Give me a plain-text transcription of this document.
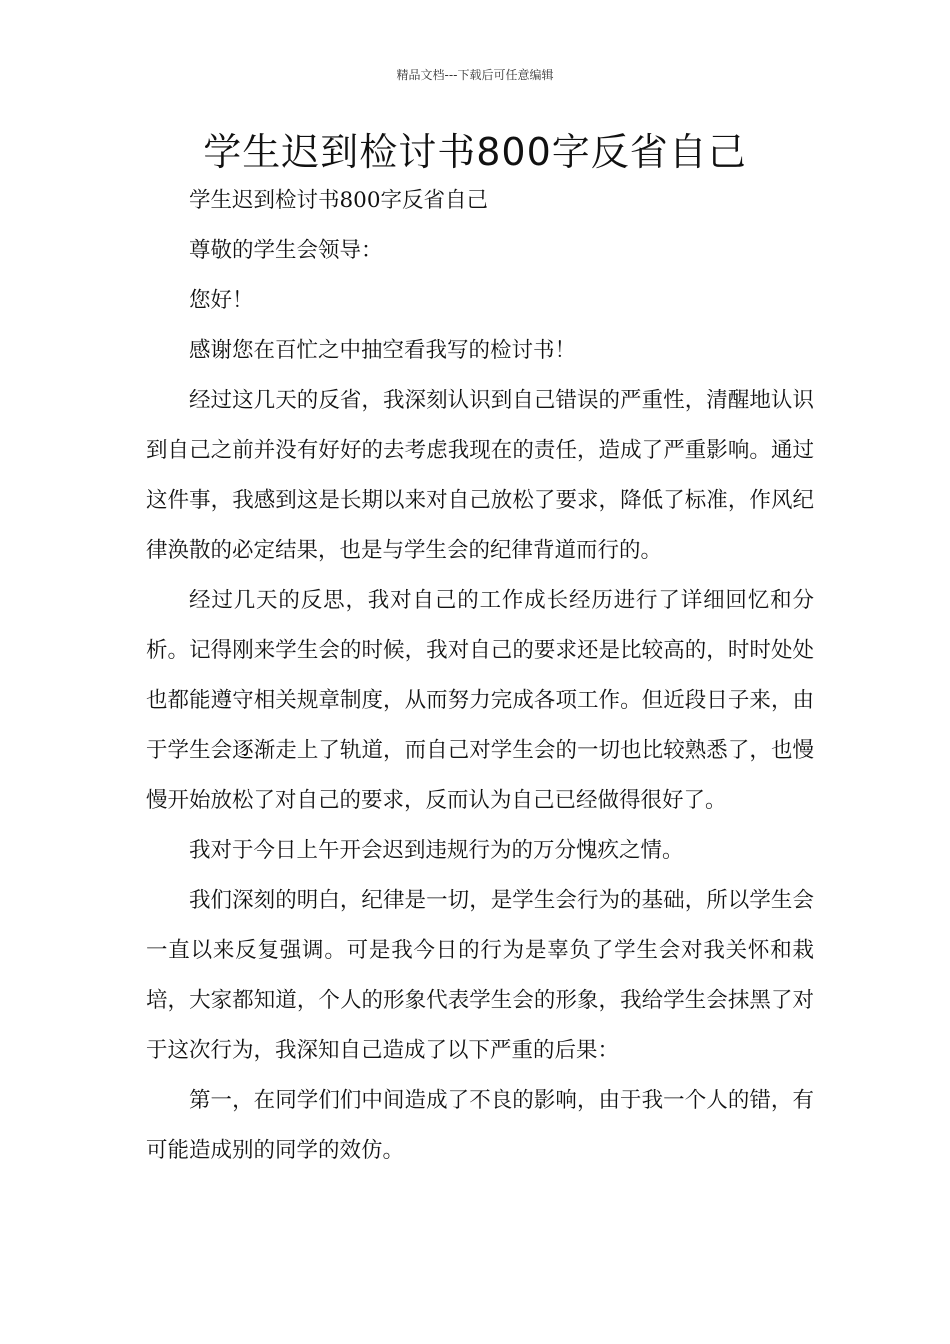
精品文档---下载后可任意编辑
学生迟到检讨书800字反省自己

学生迟到检讨书800字反省自己

尊敬的学生会领导：

您好！

感谢您在百忙之中抽空看我写的检讨书！

经过这几天的反省，我深刻认识到自己错误的严重性，清醒地认识到自己之前并没有好好的去考虑我现在的责任，造成了严重影响。通过这件事，我感到这是长期以来对自己放松了要求，降低了标准，作风纪律涣散的必定结果，也是与学生会的纪律背道而行的。

经过几天的反思，我对自己的工作成长经历进行了详细回忆和分析。记得刚来学生会的时候，我对自己的要求还是比较高的，时时处处也都能遵守相关规章制度，从而努力完成各项工作。但近段日子来，由于学生会逐渐走上了轨道，而自己对学生会的一切也比较熟悉了，也慢慢开始放松了对自己的要求，反而认为自己已经做得很好了。

我对于今日上午开会迟到违规行为的万分愧疚之情。

我们深刻的明白，纪律是一切，是学生会行为的基础，所以学生会一直以来反复强调。可是我今日的行为是辜负了学生会对我关怀和栽培，大家都知道，个人的形象代表学生会的形象，我给学生会抹黑了对于这次行为，我深知自己造成了以下严重的后果：

第一，在同学们们中间造成了不良的影响，由于我一个人的错，有可能造成别的同学的效仿。
